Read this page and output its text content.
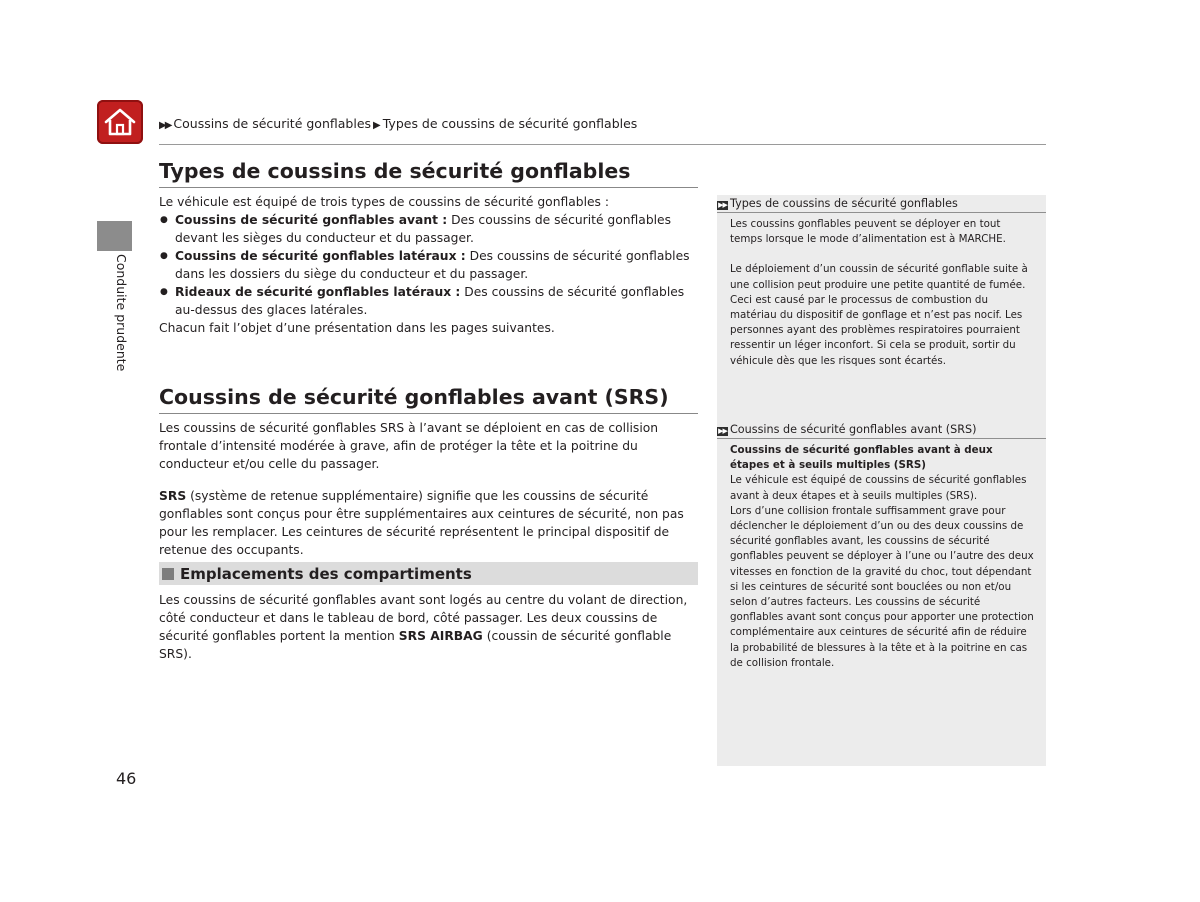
▶▶ Coussins de sécurité gonflables ▶ Types de coussins de sécurité gonflables
Conduite prudente
Types de coussins de sécurité gonflables

Le véhicule est équipé de trois types de coussins de sécurité gonflables :

● Coussins de sécurité gonflables avant : Des coussins de sécurité gonflables devant les sièges du conducteur et du passager.
● Coussins de sécurité gonflables latéraux : Des coussins de sécurité gonflables dans les dossiers du siège du conducteur et du passager.
● Rideaux de sécurité gonflables latéraux : Des coussins de sécurité gonflables au-dessus des glaces latérales.

Chacun fait l’objet d’une présentation dans les pages suivantes.

Coussins de sécurité gonflables avant (SRS)

Les coussins de sécurité gonflables SRS à l’avant se déploient en cas de collision frontale d’intensité modérée à grave, afin de protéger la tête et la poitrine du conducteur et/ou celle du passager.

SRS (système de retenue supplémentaire) signifie que les coussins de sécurité gonflables sont conçus pour être supplémentaires aux ceintures de sécurité, non pas pour les remplacer. Les ceintures de sécurité représentent le principal dispositif de retenue des occupants.

Emplacements des compartiments

Les coussins de sécurité gonflables avant sont logés au centre du volant de direction, côté conducteur et dans le tableau de bord, côté passager. Les deux coussins de sécurité gonflables portent la mention SRS AIRBAG (coussin de sécurité gonflable SRS).

▶▶ Types de coussins de sécurité gonflables

Les coussins gonflables peuvent se déployer en tout temps lorsque le mode d’alimentation est à MARCHE.

Le déploiement d’un coussin de sécurité gonflable suite à une collision peut produire une petite quantité de fumée. Ceci est causé par le processus de combustion du matériau du dispositif de gonflage et n’est pas nocif. Les personnes ayant des problèmes respiratoires pourraient ressentir un léger inconfort. Si cela se produit, sortir du véhicule dès que les risques sont écartés.

▶▶ Coussins de sécurité gonflables avant (SRS)

Coussins de sécurité gonflables avant à deux étapes et à seuils multiples (SRS)

Le véhicule est équipé de coussins de sécurité gonflables avant à deux étapes et à seuils multiples (SRS).

Lors d’une collision frontale suffisamment grave pour déclencher le déploiement d’un ou des deux coussins de sécurité gonflables avant, les coussins de sécurité gonflables peuvent se déployer à l’une ou l’autre des deux vitesses en fonction de la gravité du choc, tout dépendant si les ceintures de sécurité sont bouclées ou non et/ou selon d’autres facteurs. Les coussins de sécurité gonflables avant sont conçus pour apporter une protection complémentaire aux ceintures de sécurité afin de réduire la probabilité de blessures à la tête et à la poitrine en cas de collision frontale.

46
